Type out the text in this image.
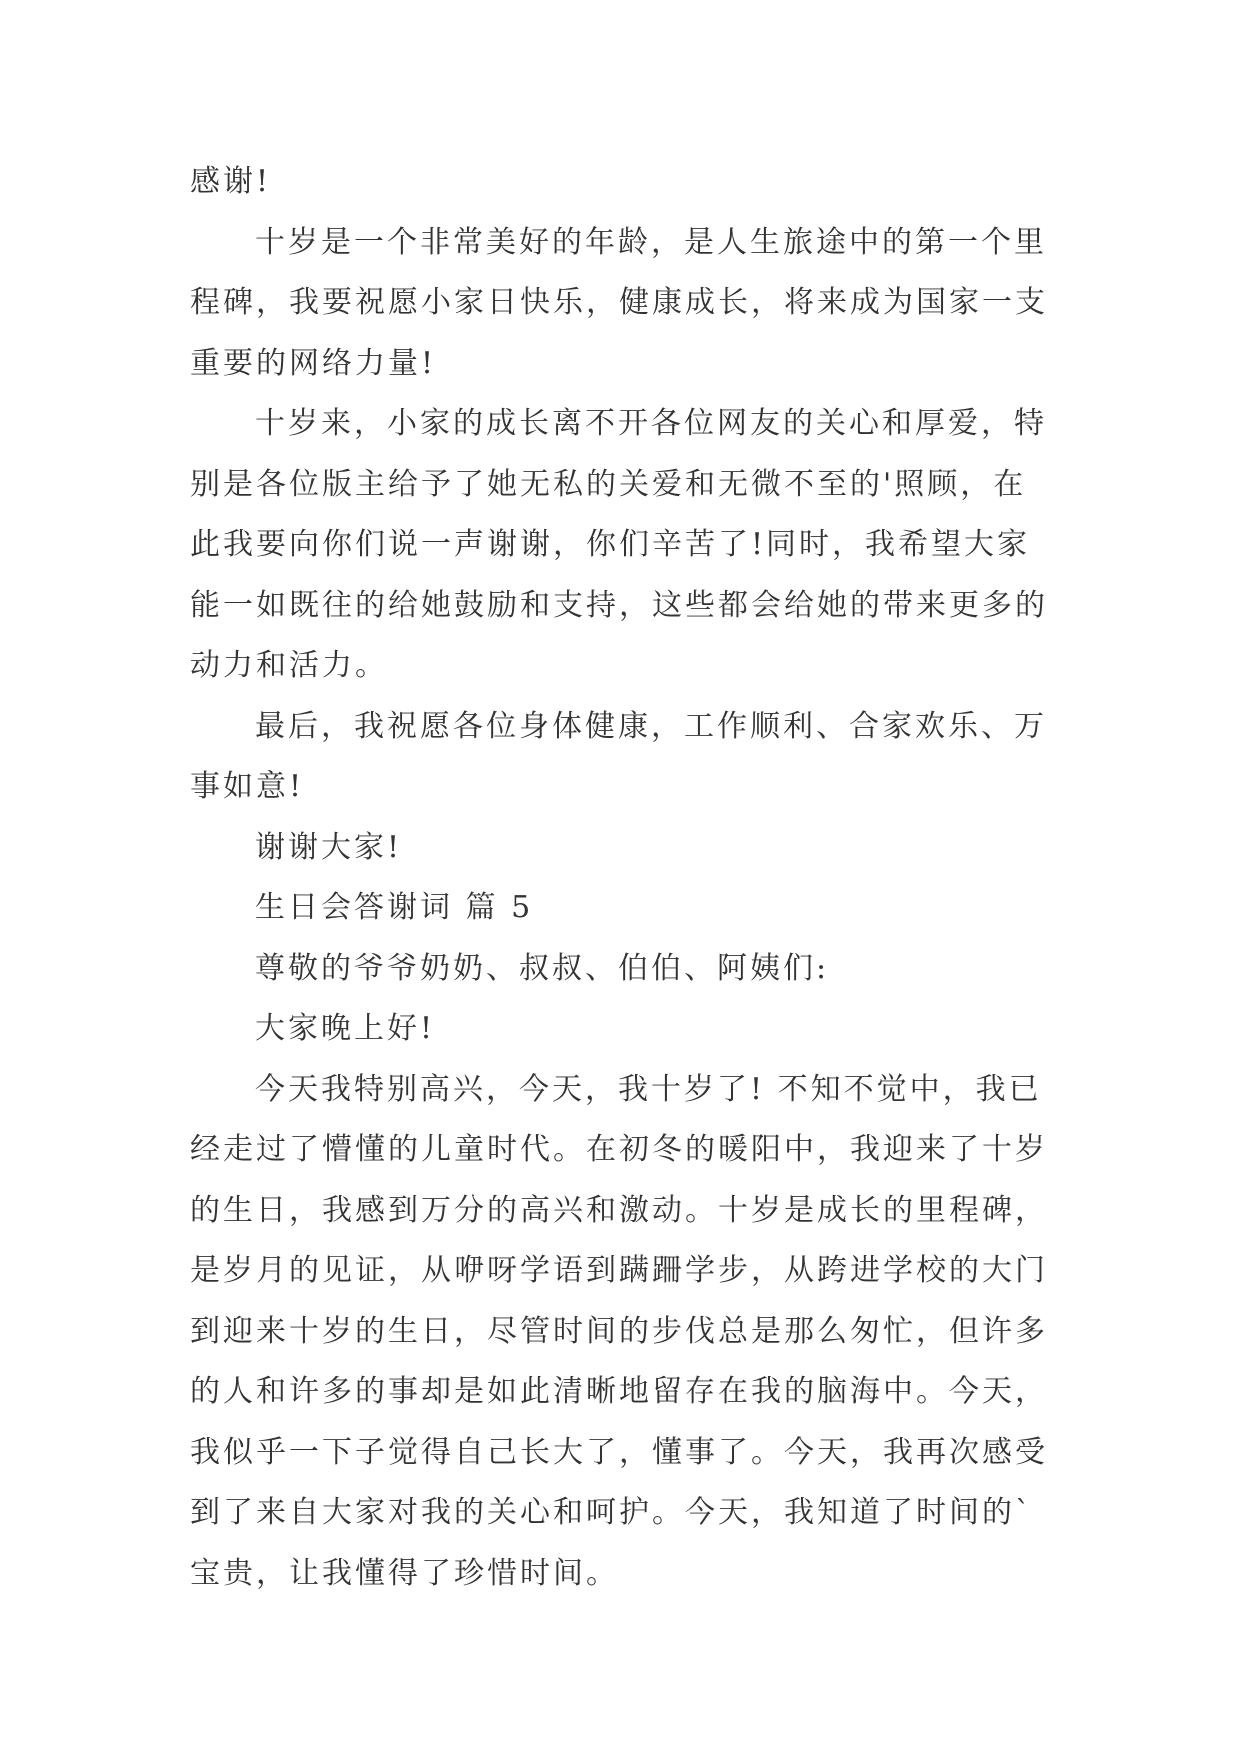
感谢!
十岁是一个非常美好的年龄，是人生旅途中的第一个里
程碑，我要祝愿小家日快乐，健康成长，将来成为国家一支
重要的网络力量!
十岁来，小家的成长离不开各位网友的关心和厚爱，特
别是各位版主给予了她无私的关爱和无微不至的'照顾，在
此我要向你们说一声谢谢，你们辛苦了!同时，我希望大家
能一如既往的给她鼓励和支持，这些都会给她的带来更多的
动力和活力。
最后，我祝愿各位身体健康，工作顺利、合家欢乐、万
事如意!
谢谢大家!
生日会答谢词 篇 5
尊敬的爷爷奶奶、叔叔、伯伯、阿姨们:
大家晚上好!
今天我特别高兴，今天，我十岁了! 不知不觉中，我已
经走过了懵懂的儿童时代。在初冬的暖阳中，我迎来了十岁
的生日，我感到万分的高兴和激动。十岁是成长的里程碑，
是岁月的见证，从咿呀学语到蹒跚学步，从跨进学校的大门
到迎来十岁的生日，尽管时间的步伐总是那么匆忙，但许多
的人和许多的事却是如此清晰地留存在我的脑海中。今天，
我似乎一下子觉得自己长大了，懂事了。今天，我再次感受
到了来自大家对我的关心和呵护。今天，我知道了时间的`
宝贵，让我懂得了珍惜时间。
